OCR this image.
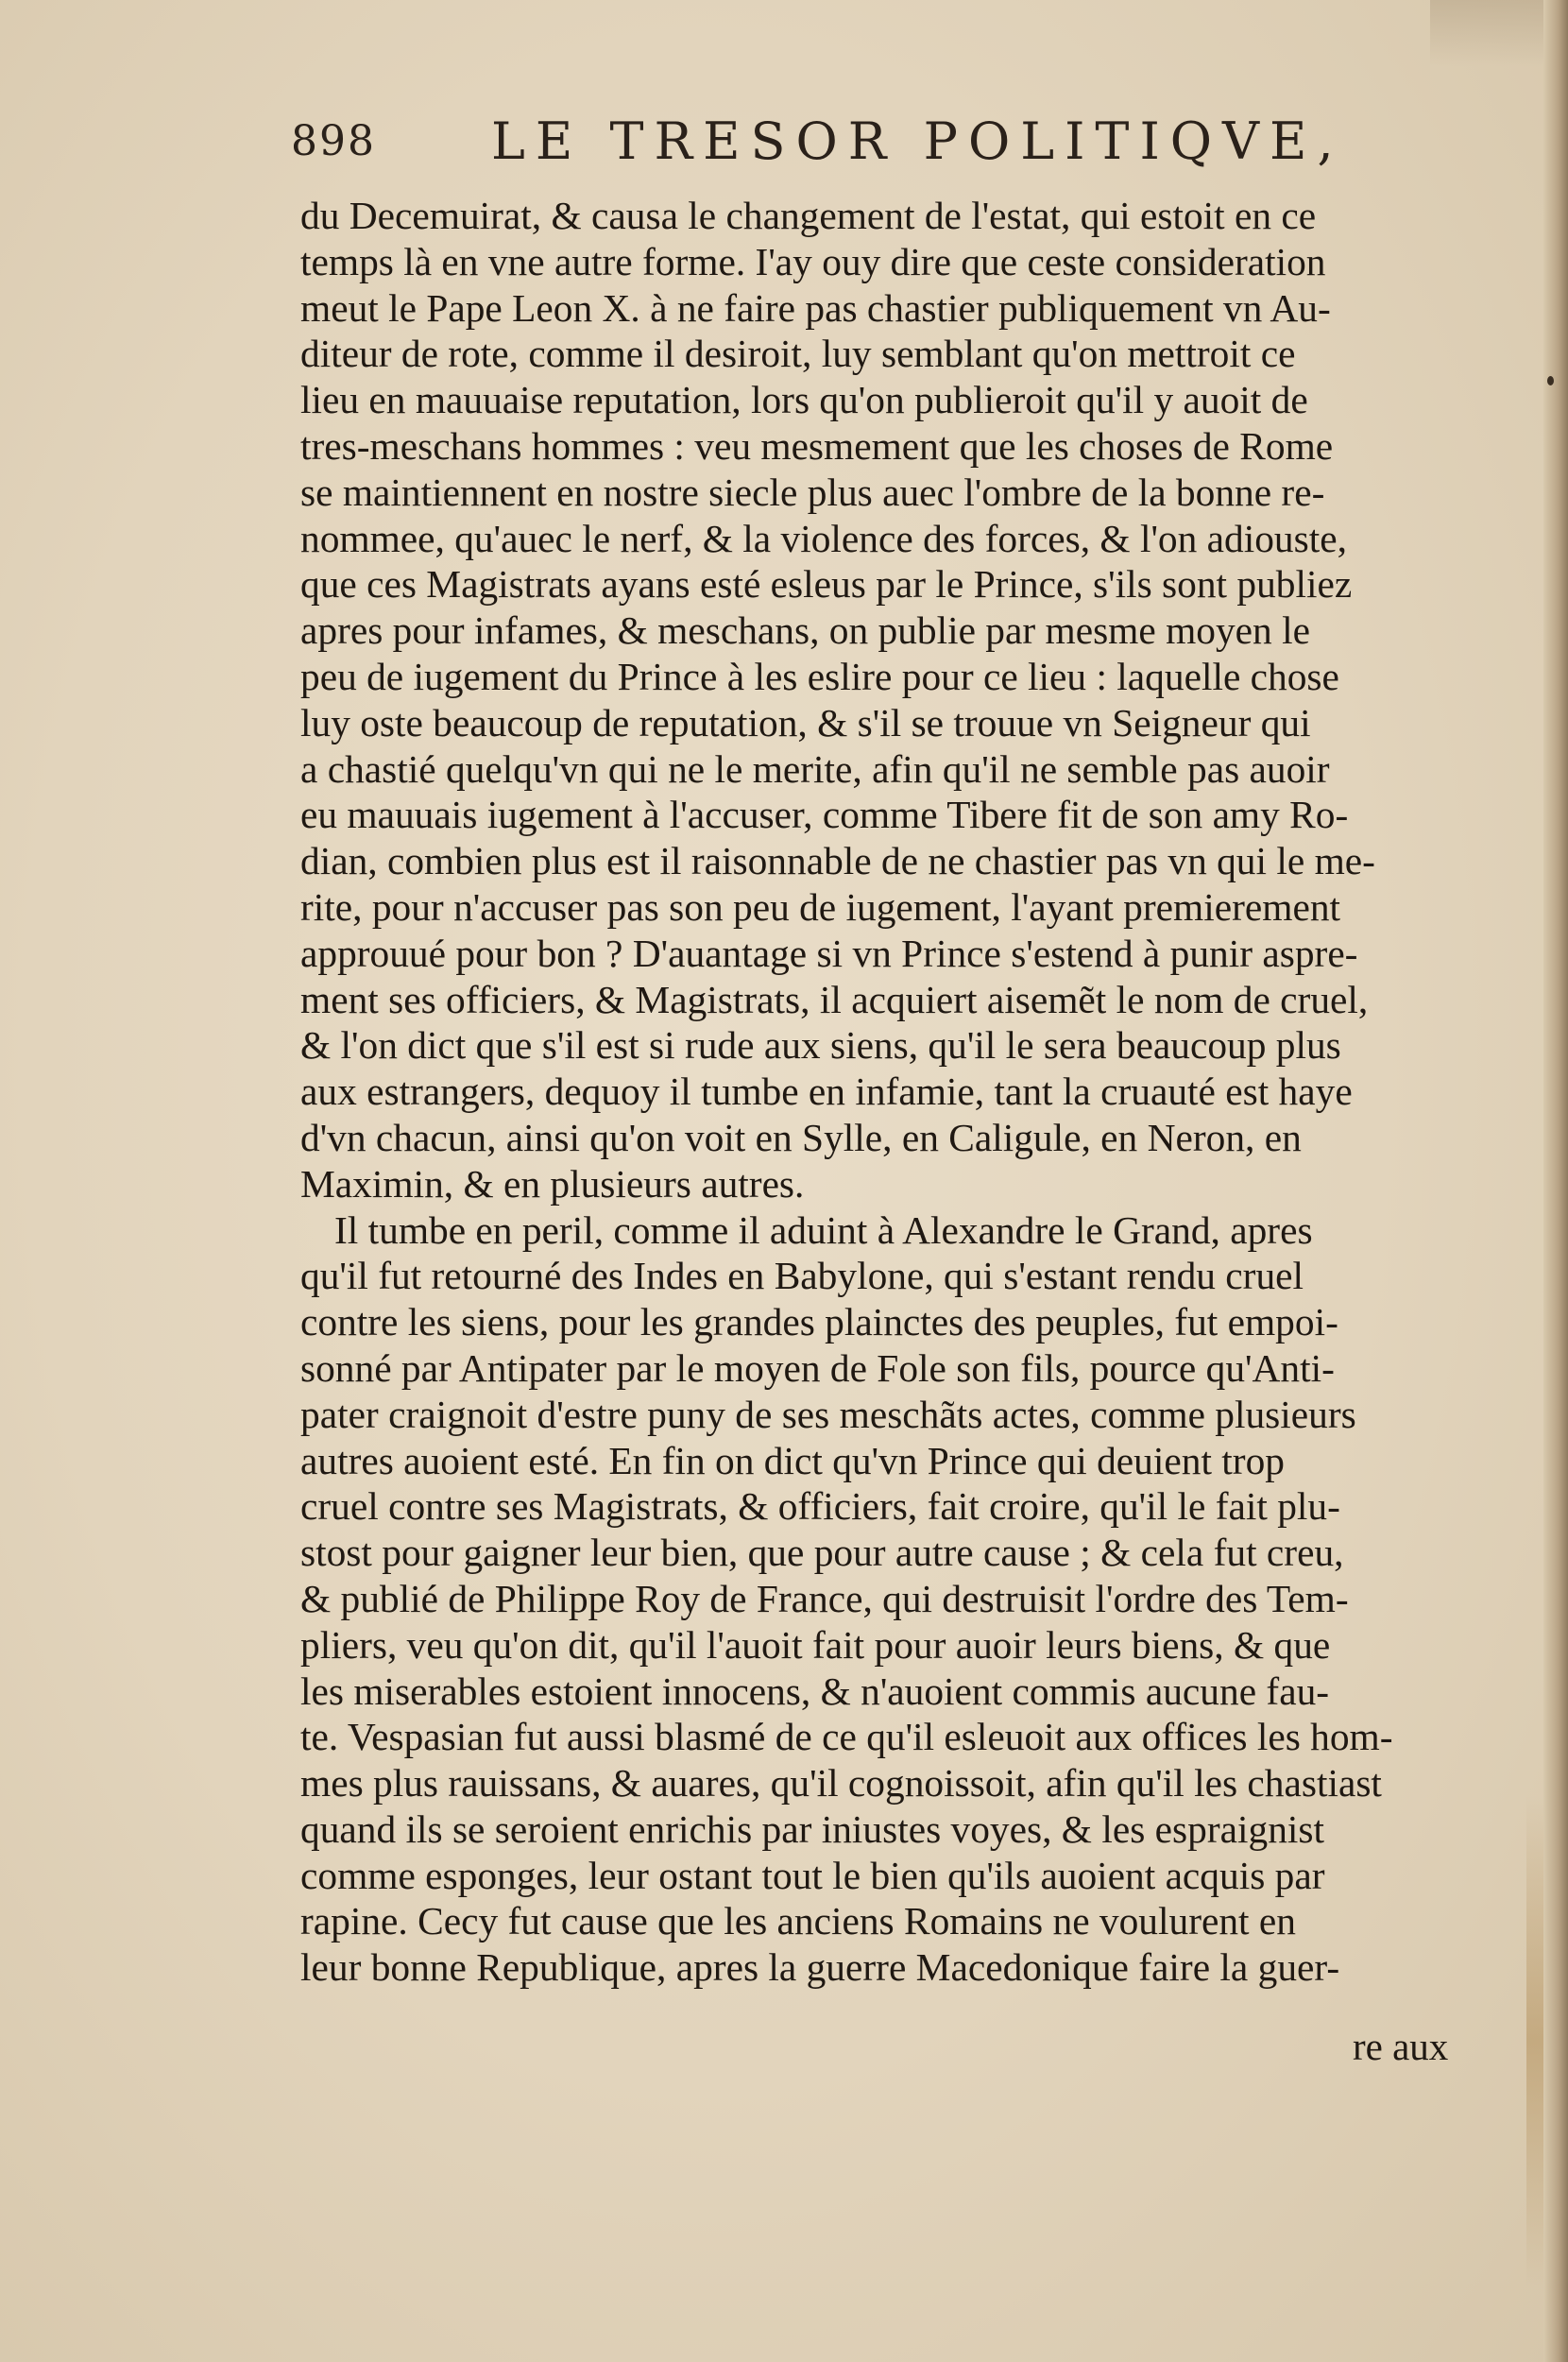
898 LE TRESOR POLITIQVE,
du Decemuirat, & causa le changement de l'estat, qui estoit en ce
temps là en vne autre forme. I'ay ouy dire que ceste consideration
meut le Pape Leon X. à ne faire pas chastier publiquement vn Au-
diteur de rote, comme il desiroit, luy semblant qu'on mettroit ce
lieu en mauuaise reputation, lors qu'on publieroit qu'il y auoit de
tres-meschans hommes : veu mesmement que les choses de Rome
se maintiennent en nostre siecle plus auec l'ombre de la bonne re-
nommee, qu'auec le nerf, & la violence des forces, & l'on adiouste,
que ces Magistrats ayans esté esleus par le Prince, s'ils sont publiez
apres pour infames, & meschans, on publie par mesme moyen le
peu de iugement du Prince à les eslire pour ce lieu : laquelle chose
luy oste beaucoup de reputation, & s'il se trouue vn Seigneur qui
a chastié quelqu'vn qui ne le merite, afin qu'il ne semble pas auoir
eu mauuais iugement à l'accuser, comme Tibere fit de son amy Ro-
dian, combien plus est il raisonnable de ne chastier pas vn qui le me-
rite, pour n'accuser pas son peu de iugement, l'ayant premierement
approuué pour bon ? D'auantage si vn Prince s'estend à punir aspre-
ment ses officiers, & Magistrats, il acquiert aisemẽt le nom de cruel,
& l'on dict que s'il est si rude aux siens, qu'il le sera beaucoup plus
aux estrangers, dequoy il tumbe en infamie, tant la cruauté est haye
d'vn chacun, ainsi qu'on voit en Sylle, en Caligule, en Neron, en
Maximin, & en plusieurs autres.
Il tumbe en peril, comme il aduint à Alexandre le Grand, apres
qu'il fut retourné des Indes en Babylone, qui s'estant rendu cruel
contre les siens, pour les grandes plainctes des peuples, fut empoi-
sonné par Antipater par le moyen de Fole son fils, pource qu'Anti-
pater craignoit d'estre puny de ses meschãts actes, comme plusieurs
autres auoient esté. En fin on dict qu'vn Prince qui deuient trop
cruel contre ses Magistrats, & officiers, fait croire, qu'il le fait plu-
stost pour gaigner leur bien, que pour autre cause ; & cela fut creu,
& publié de Philippe Roy de France, qui destruisit l'ordre des Tem-
pliers, veu qu'on dit, qu'il l'auoit fait pour auoir leurs biens, & que
les miserables estoient innocens, & n'auoient commis aucune fau-
te. Vespasian fut aussi blasmé de ce qu'il esleuoit aux offices les hom-
mes plus rauissans, & auares, qu'il cognoissoit, afin qu'il les chastiast
quand ils se seroient enrichis par iniustes voyes, & les espraignist
comme esponges, leur ostant tout le bien qu'ils auoient acquis par
rapine. Cecy fut cause que les anciens Romains ne voulurent en
leur bonne Republique, apres la guerre Macedonique faire la guer-
re aux
